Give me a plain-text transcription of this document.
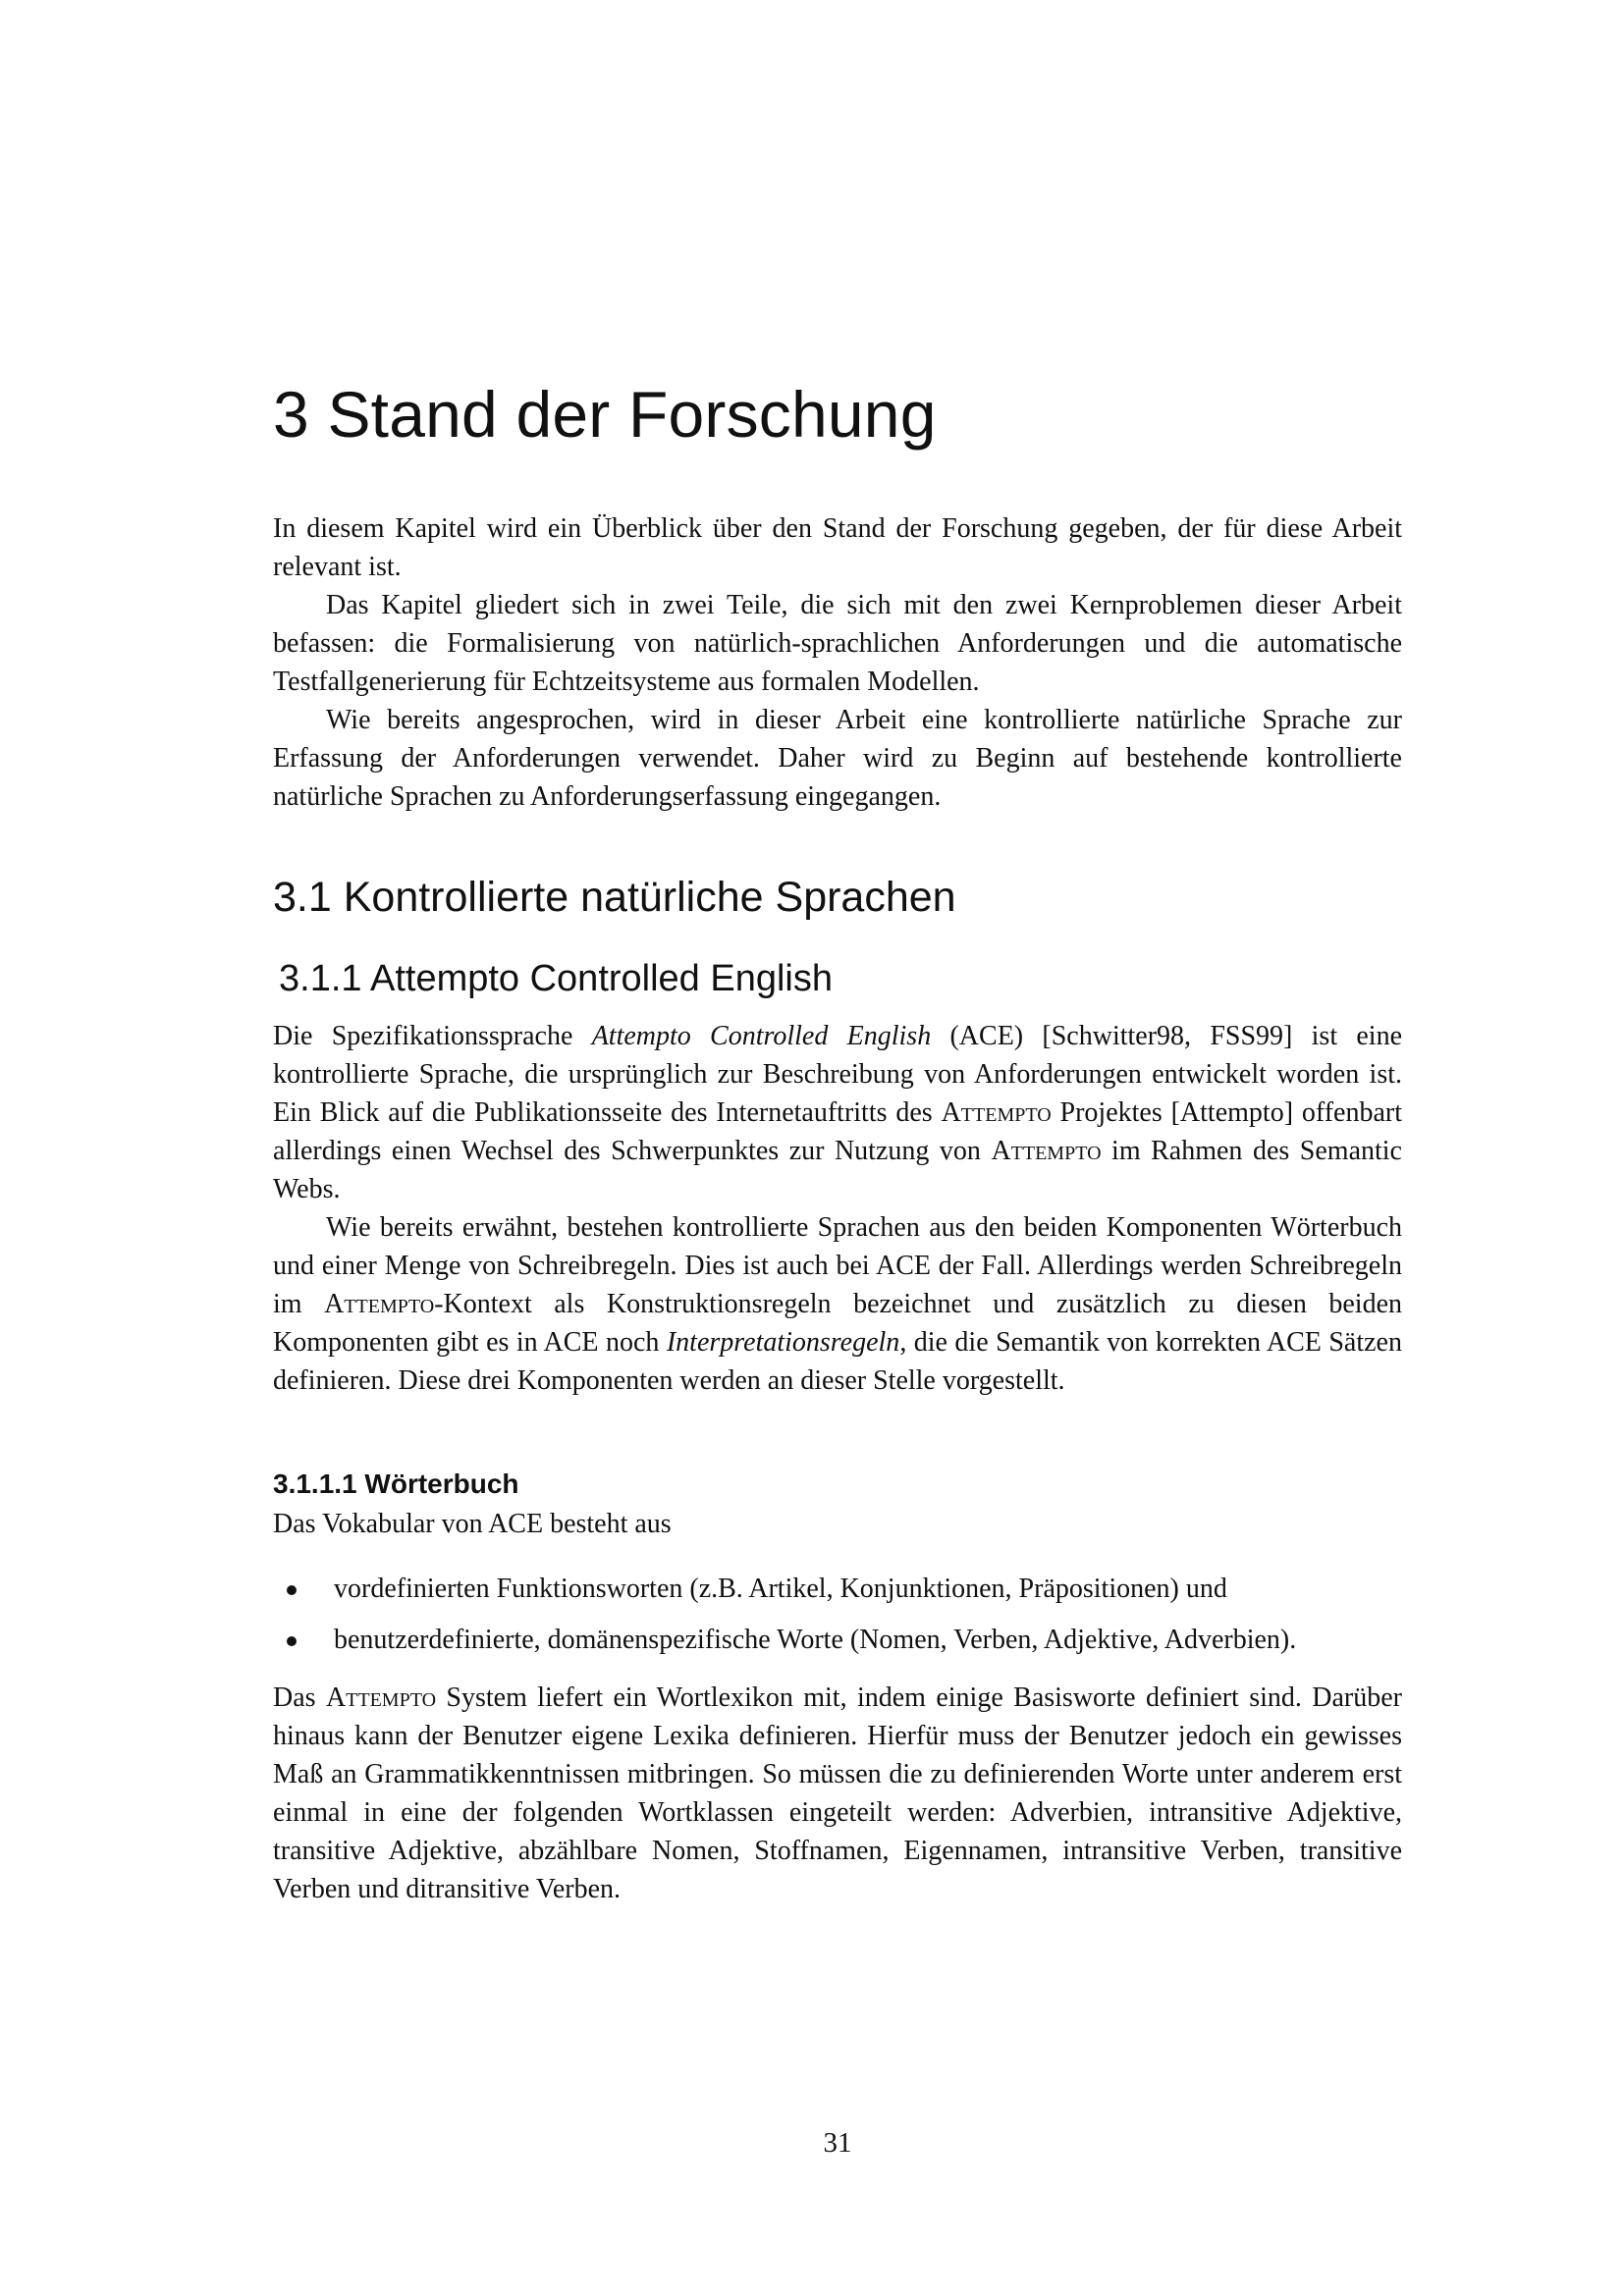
3 Stand der Forschung

In diesem Kapitel wird ein Überblick über den Stand der Forschung gegeben, der für diese Arbeit relevant ist.

Das Kapitel gliedert sich in zwei Teile, die sich mit den zwei Kernproblemen dieser Arbeit befassen: die Formalisierung von natürlich-sprachlichen Anforderungen und die automatische Testfallgenerierung für Echtzeitsysteme aus formalen Modellen.

Wie bereits angesprochen, wird in dieser Arbeit eine kontrollierte natürliche Sprache zur Erfassung der Anforderungen verwendet. Daher wird zu Beginn auf bestehende kontrollierte natürliche Sprachen zu Anforderungserfassung eingegangen.

3.1 Kontrollierte natürliche Sprachen
3.1.1 Attempto Controlled English

Die Spezifikationssprache Attempto Controlled English (ACE) [Schwitter98, FSS99] ist eine kontrollierte Sprache, die ursprünglich zur Beschreibung von Anforderungen entwickelt worden ist. Ein Blick auf die Publikationsseite des Internetauftritts des Attempto Projektes [Attempto] offenbart allerdings einen Wechsel des Schwerpunktes zur Nutzung von Attempto im Rahmen des Semantic Webs.

Wie bereits erwähnt, bestehen kontrollierte Sprachen aus den beiden Komponenten Wörterbuch und einer Menge von Schreibregeln. Dies ist auch bei ACE der Fall. Allerdings werden Schreibregeln im Attempto-Kontext als Konstruktionsregeln bezeichnet und zusätzlich zu diesen beiden Komponenten gibt es in ACE noch Interpretationsregeln, die die Semantik von korrekten ACE Sätzen definieren. Diese drei Komponenten werden an dieser Stelle vorgestellt.

3.1.1.1 Wörterbuch

Das Vokabular von ACE besteht aus

vordefinierten Funktionsworten (z.B. Artikel, Konjunktionen, Präpositionen) und
benutzerdefinierte, domänenspezifische Worte (Nomen, Verben, Adjektive, Adverbien).

Das Attempto System liefert ein Wortlexikon mit, indem einige Basisworte definiert sind. Darüber hinaus kann der Benutzer eigene Lexika definieren. Hierfür muss der Benutzer jedoch ein gewisses Maß an Grammatikkenntnissen mitbringen. So müssen die zu definierenden Worte unter anderem erst einmal in eine der folgenden Wortklassen eingeteilt werden: Adverbien, intransitive Adjektive, transitive Adjektive, abzählbare Nomen, Stoffnamen, Eigennamen, intransitive Verben, transitive Verben und ditransitive Verben.

31
